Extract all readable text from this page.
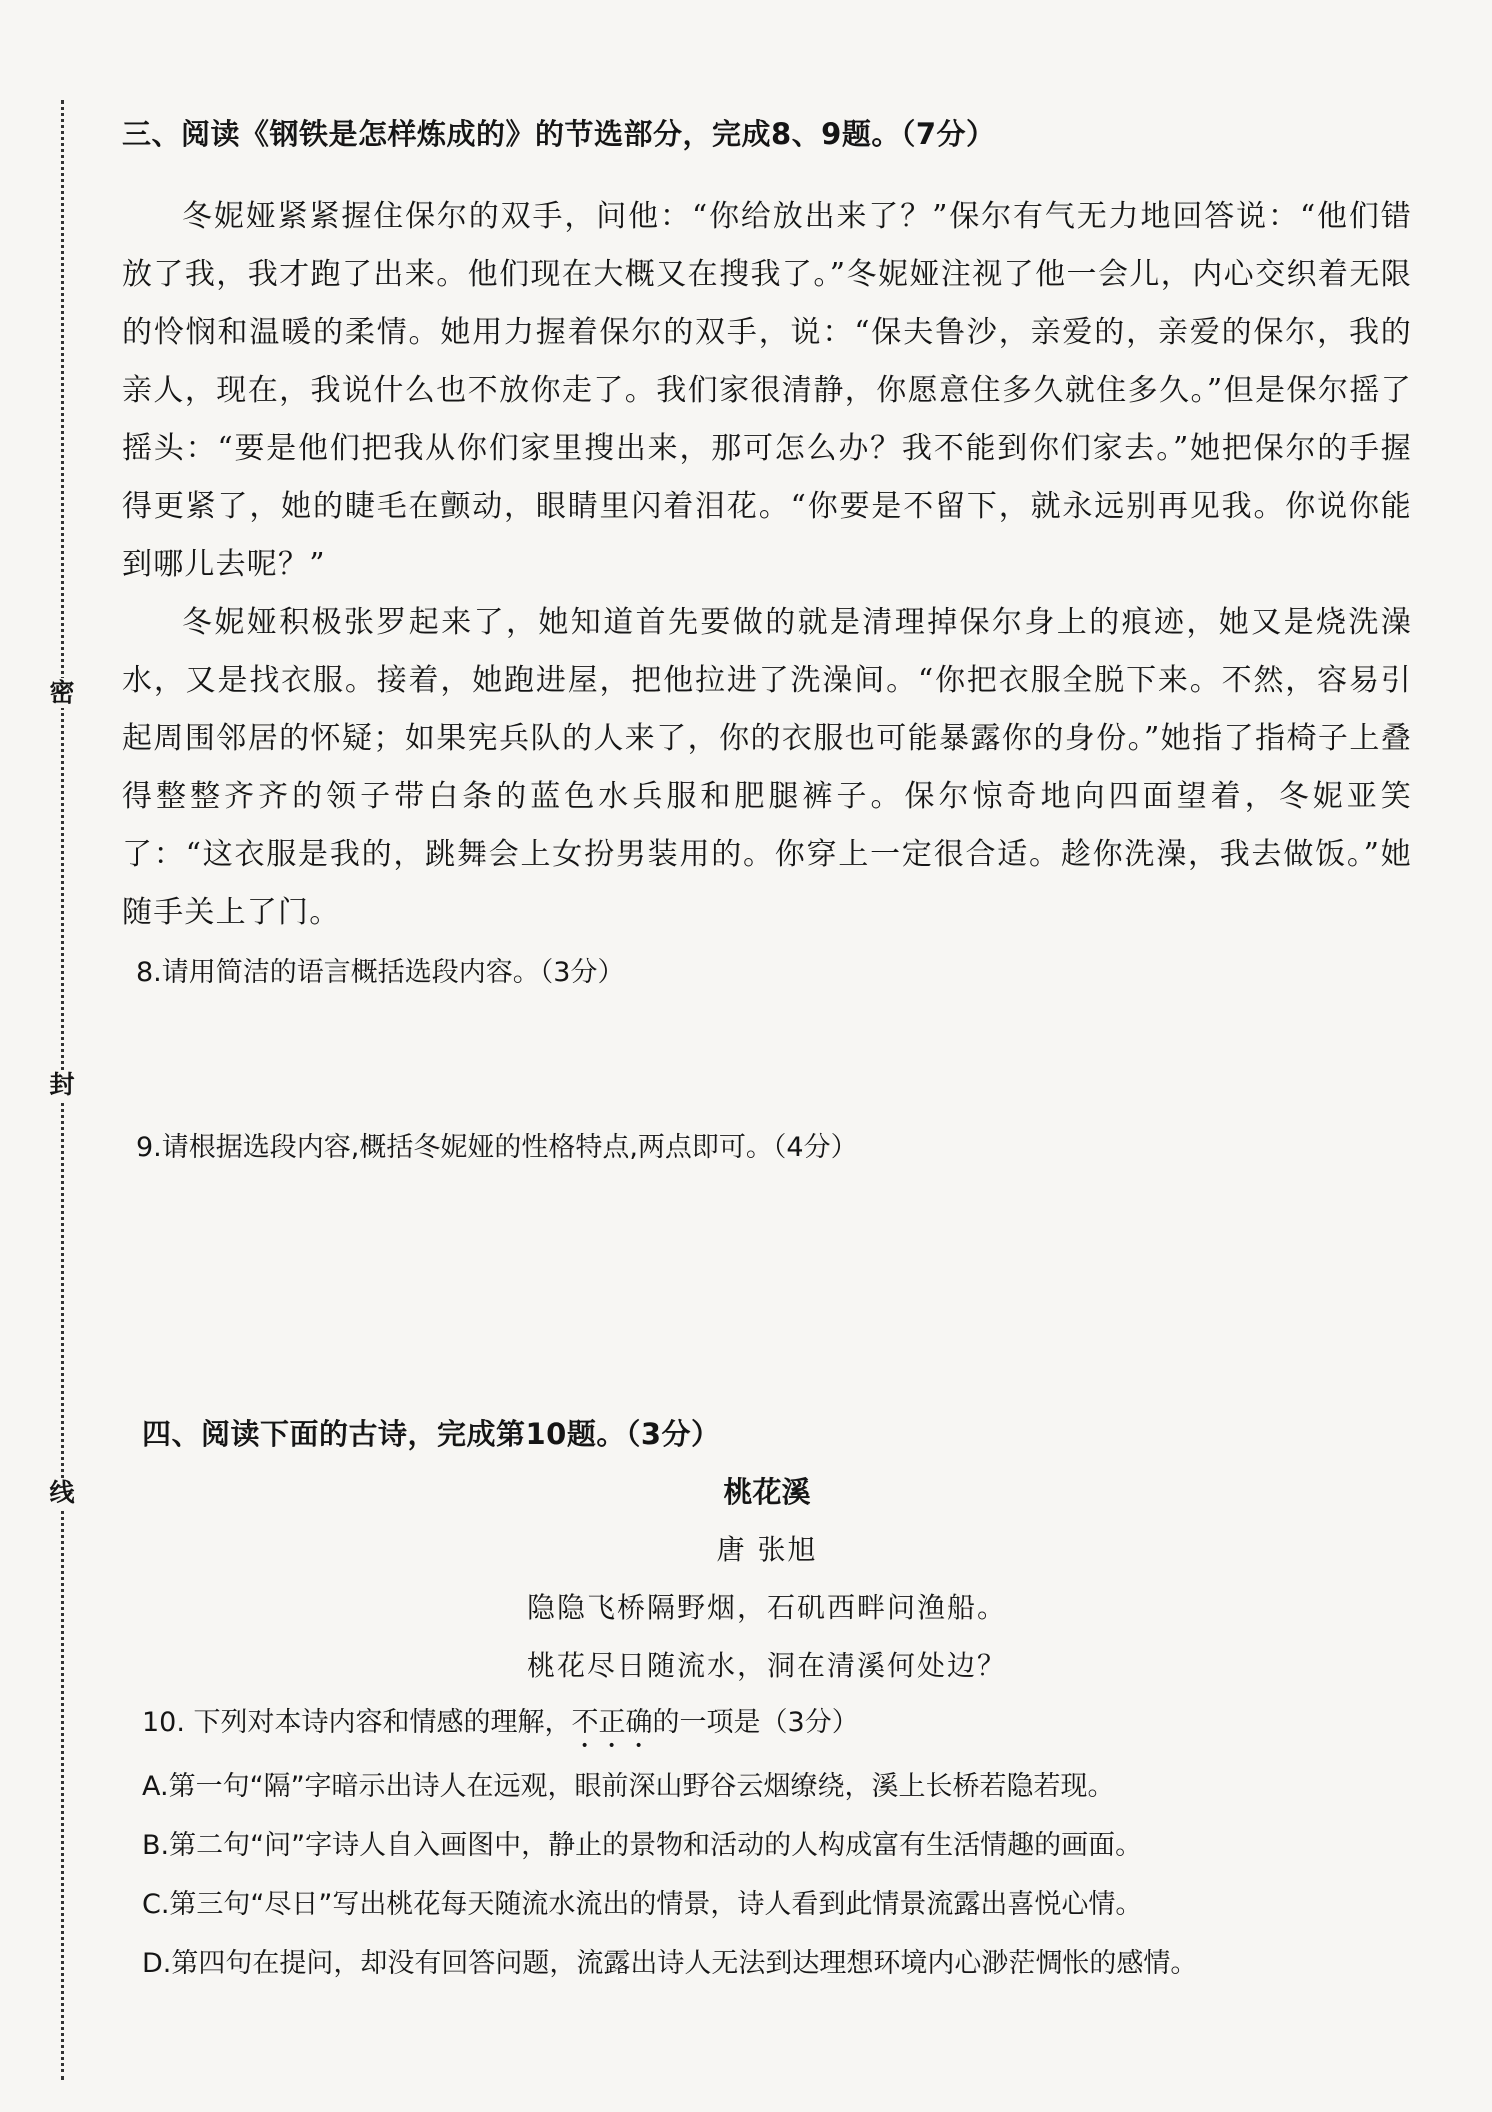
密
封
线
三、阅读《钢铁是怎样炼成的》的节选部分，完成8、9题。（7分）

冬妮娅紧紧握住保尔的双手，问他：“你给放出来了？”保尔有气无力地回答说：“他们错放了我，我才跑了出来。他们现在大概又在搜我了。”冬妮娅注视了他一会儿，内心交织着无限的怜悯和温暖的柔情。她用力握着保尔的双手，说：“保夫鲁沙，亲爱的，亲爱的保尔，我的亲人，现在，我说什么也不放你走了。我们家很清静，你愿意住多久就住多久。”但是保尔摇了摇头：“要是他们把我从你们家里搜出来，那可怎么办？我不能到你们家去。”她把保尔的手握得更紧了，她的睫毛在颤动，眼睛里闪着泪花。“你要是不留下，就永远别再见我。你说你能到哪儿去呢？”

冬妮娅积极张罗起来了，她知道首先要做的就是清理掉保尔身上的痕迹，她又是烧洗澡水，又是找衣服。接着，她跑进屋，把他拉进了洗澡间。“你把衣服全脱下来。不然，容易引起周围邻居的怀疑；如果宪兵队的人来了，你的衣服也可能暴露你的身份。”她指了指椅子上叠得整整齐齐的领子带白条的蓝色水兵服和肥腿裤子。保尔惊奇地向四面望着，冬妮亚笑了：“这衣服是我的，跳舞会上女扮男装用的。你穿上一定很合适。趁你洗澡，我去做饭。”她随手关上了门。

8.请用简洁的语言概括选段内容。（3分）
9.请根据选段内容,概括冬妮娅的性格特点,两点即可。（4分）
四、阅读下面的古诗，完成第10题。（3分）
桃花溪
唐 张旭
隐隐飞桥隔野烟，石矶西畔问渔船。
桃花尽日随流水，洞在清溪何处边？
10. 下列对本诗内容和情感的理解，不正确的一项是（3分）
A.第一句“隔”字暗示出诗人在远观，眼前深山野谷云烟缭绕，溪上长桥若隐若现。
B.第二句“问”字诗人自入画图中，静止的景物和活动的人构成富有生活情趣的画面。
C.第三句“尽日”写出桃花每天随流水流出的情景，诗人看到此情景流露出喜悦心情。
D.第四句在提问，却没有回答问题，流露出诗人无法到达理想环境内心渺茫惆怅的感情。
